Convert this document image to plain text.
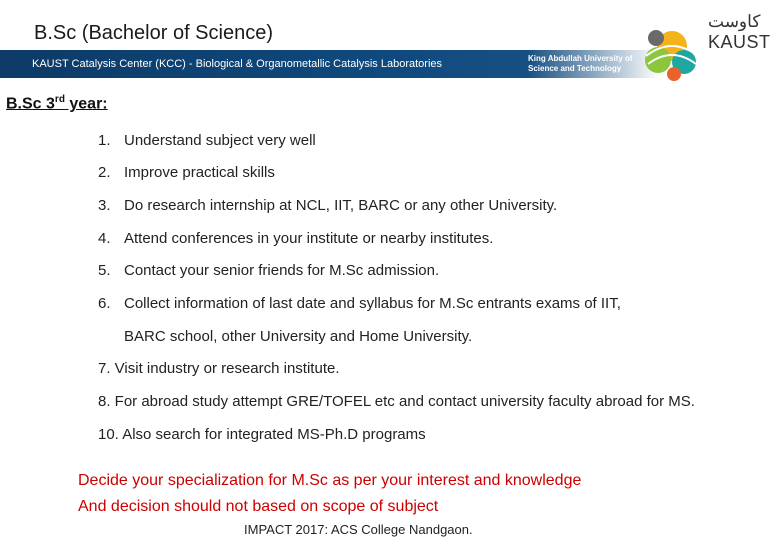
B.Sc (Bachelor of Science)
KAUST Catalysis Center (KCC) - Biological & Organometallic Catalysis Laboratories	King Abdullah University of
Science and Technology
كاوست
KAUST
B.Sc 3rd year:
1. Understand subject very well
2. Improve practical skills
3. Do research internship at NCL, IIT, BARC or any other University.
4. Attend conferences in your institute or nearby institutes.
5. Contact your senior friends for M.Sc admission.
6. Collect information of last date and syllabus for M.Sc entrants exams of IIT,
BARC school, other University and Home University.
7. Visit industry or research institute.
8. For abroad study attempt GRE/TOFEL etc and contact university faculty abroad for MS.
10. Also search for integrated MS-Ph.D programs
Decide your specialization for M.Sc as per your interest and knowledge
And decision should not based on scope of subject
IMPACT 2017: ACS College Nandgaon.
